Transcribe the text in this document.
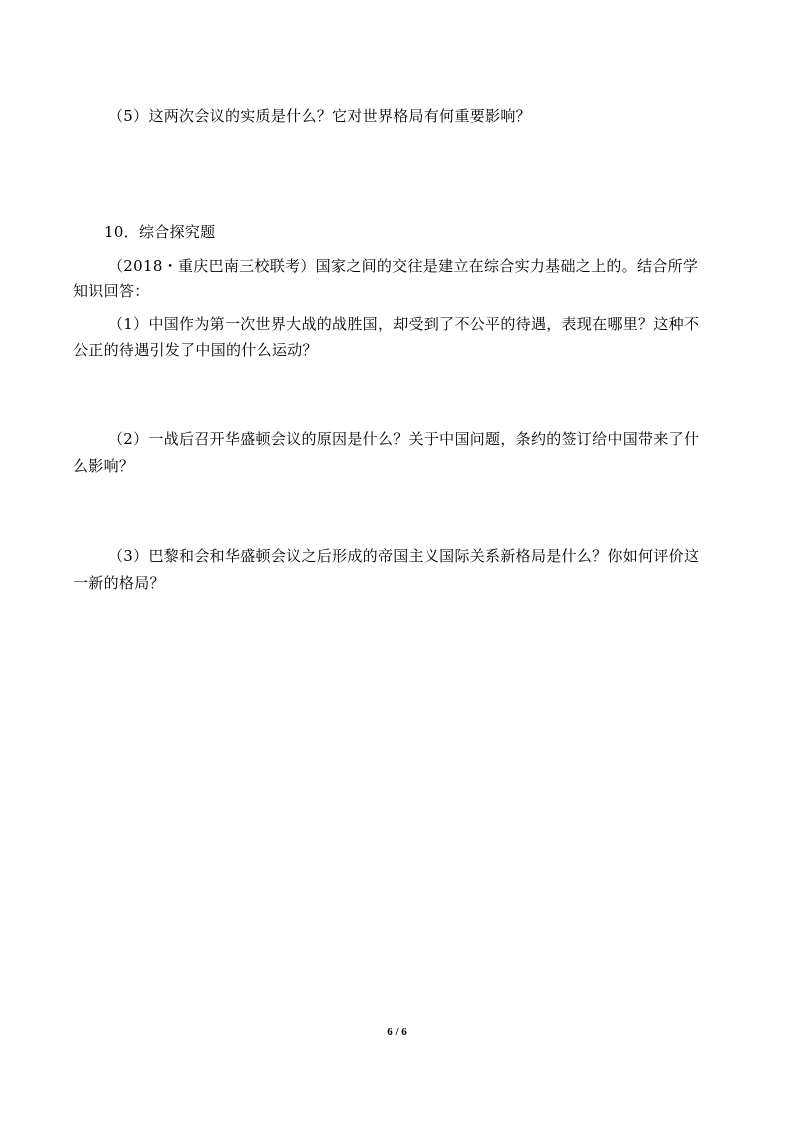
（5）这两次会议的实质是什么？它对世界格局有何重要影响？
10．综合探究题
（2018・重庆巴南三校联考）国家之间的交往是建立在综合实力基础之上的。结合所学
知识回答：
（1）中国作为第一次世界大战的战胜国，却受到了不公平的待遇，表现在哪里？这种不
公正的待遇引发了中国的什么运动？
（2）一战后召开华盛顿会议的原因是什么？关于中国问题，条约的签订给中国带来了什
么影响？
（3）巴黎和会和华盛顿会议之后形成的帝国主义国际关系新格局是什么？你如何评价这
一新的格局？
6 / 6
